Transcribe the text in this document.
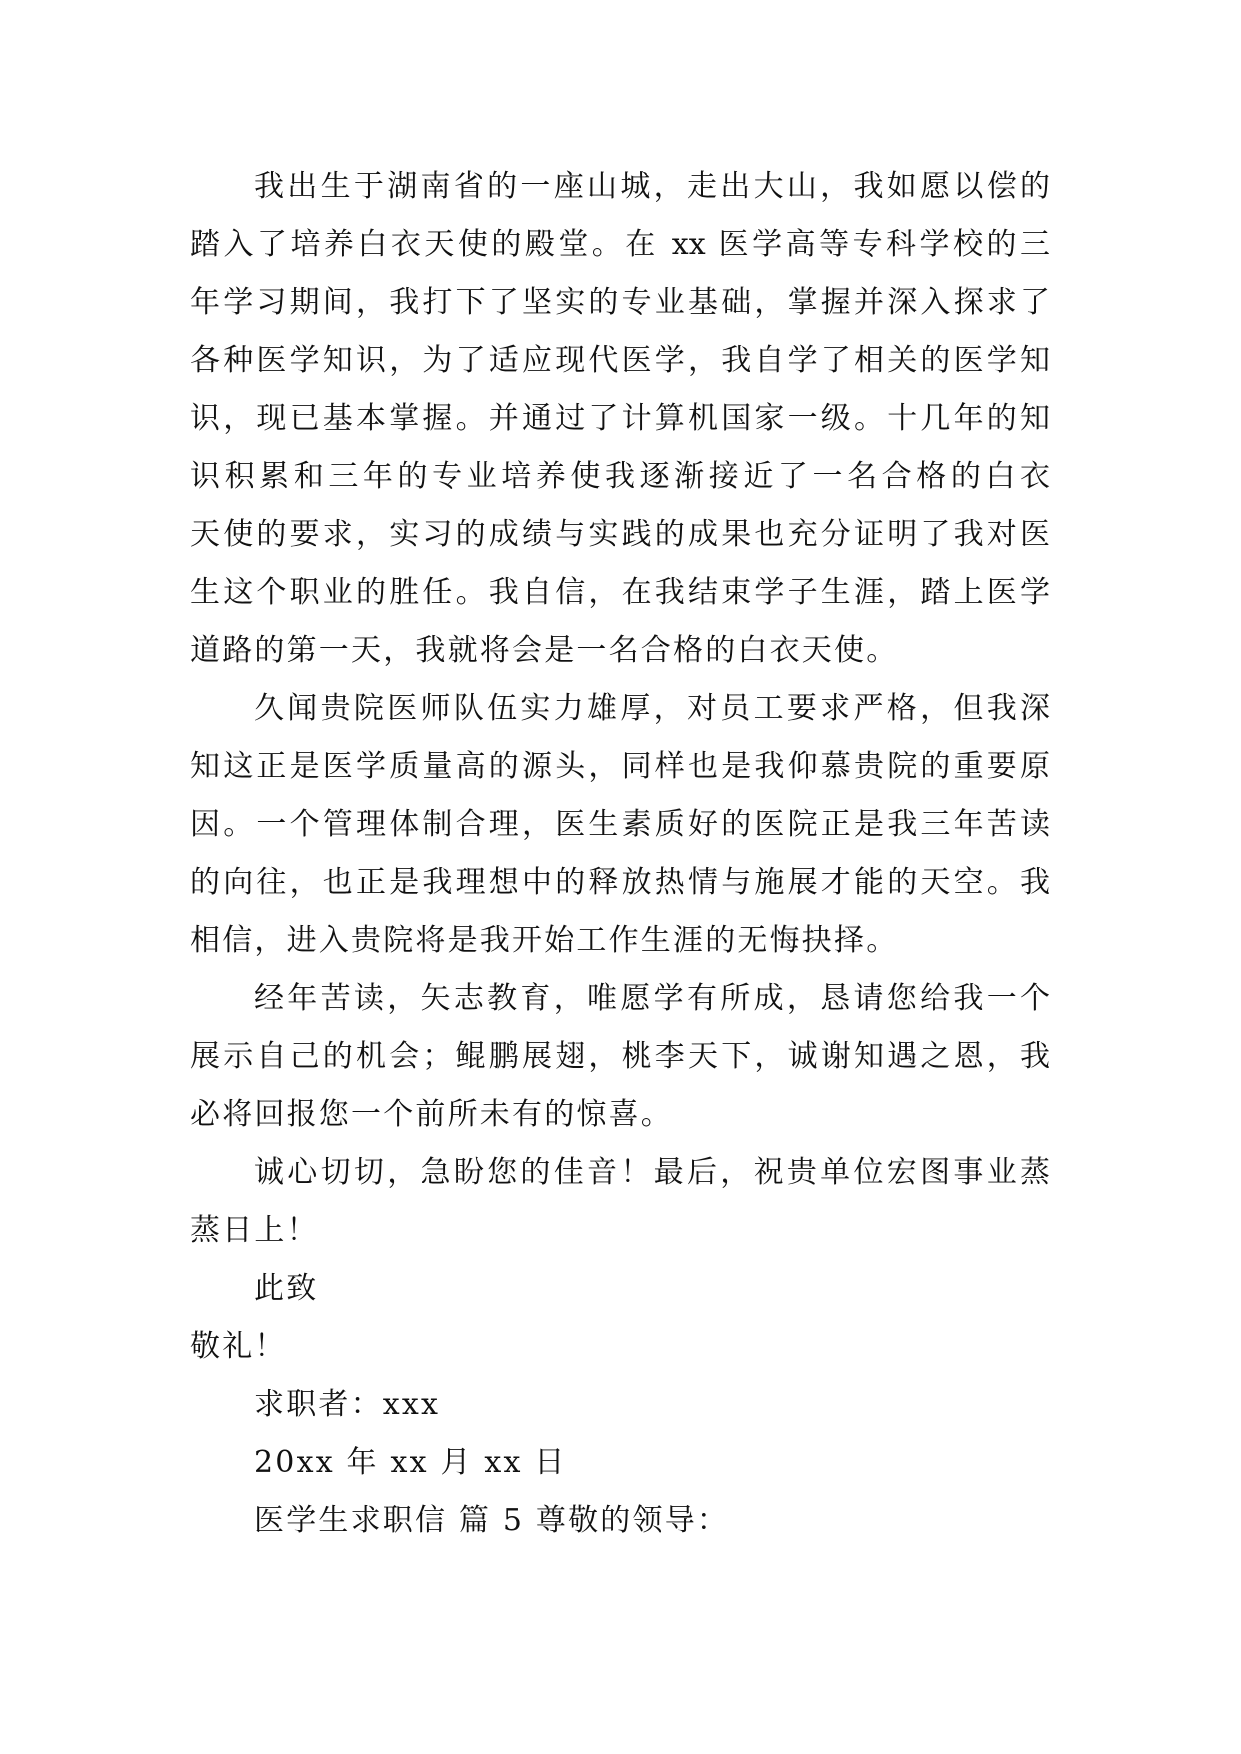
我出生于湖南省的一座山城，走出大山，我如愿以偿的
踏入了培养白衣天使的殿堂。在 xx 医学高等专科学校的三
年学习期间，我打下了坚实的专业基础，掌握并深入探求了
各种医学知识，为了适应现代医学，我自学了相关的医学知
识，现已基本掌握。并通过了计算机国家一级。十几年的知
识积累和三年的专业培养使我逐渐接近了一名合格的白衣
天使的要求，实习的成绩与实践的成果也充分证明了我对医
生这个职业的胜任。我自信，在我结束学子生涯，踏上医学
道路的第一天，我就将会是一名合格的白衣天使。
久闻贵院医师队伍实力雄厚，对员工要求严格，但我深
知这正是医学质量高的源头，同样也是我仰慕贵院的重要原
因。一个管理体制合理，医生素质好的医院正是我三年苦读
的向往，也正是我理想中的释放热情与施展才能的天空。我
相信，进入贵院将是我开始工作生涯的无悔抉择。
经年苦读，矢志教育，唯愿学有所成，恳请您给我一个
展示自己的机会；鲲鹏展翅，桃李天下，诚谢知遇之恩，我
必将回报您一个前所未有的惊喜。
诚心切切，急盼您的佳音！最后，祝贵单位宏图事业蒸
蒸日上！
此致
敬礼！
求职者：xxx
20xx 年 xx 月 xx 日
医学生求职信 篇 5 尊敬的领导：
